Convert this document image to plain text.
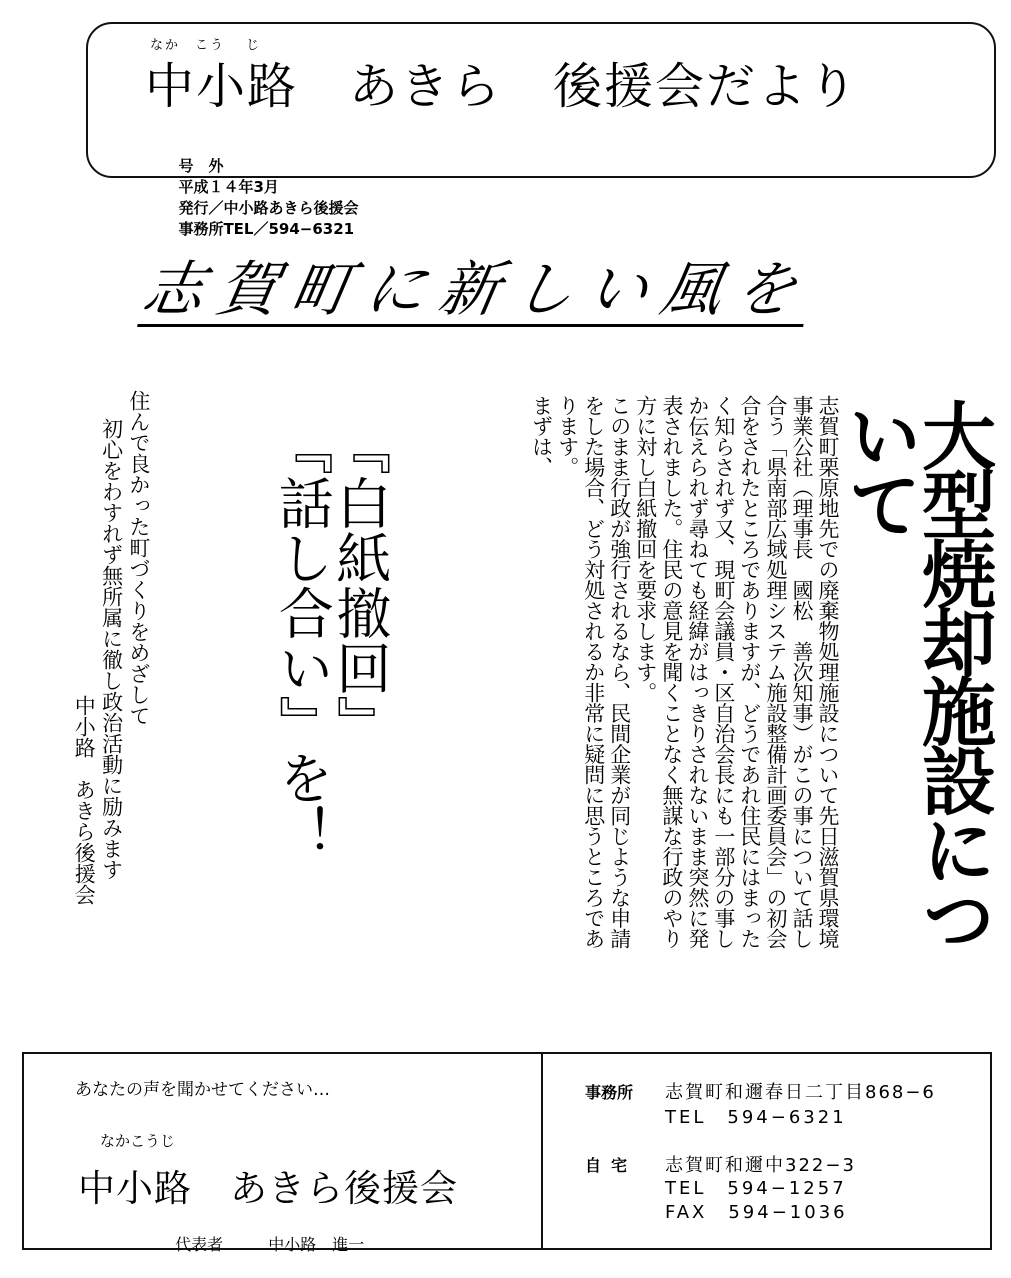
なか　こう　 じ
中小路　あきら　後援会だより

号　外
平成１４年3月
発行／中小路あきら後援会
事務所TEL／594−6321

志賀町に新しい風を
大型焼却施設について

志賀町栗原地先での廃棄物処理施設について先日滋賀県環境事業公社（理事長　國松　善次知事）がこの事について話し合う「県南部広域処理システム施設整備計画委員会」の初会合をされたところでありますが、どうであれ住民にはまったく知らされず又、現町会議員・区自治会長にも一部分の事しか伝えられず尋ねても経緯がはっきりされないまま突然に発表されました。住民の意見を聞くことなく無謀な行政のやり方に対し白紙撤回を要求します。

このまま行政が強行されるなら、民間企業が同じような申請をした場合、どう対処されるか非常に疑問に思うところであります。

まずは、

『白紙撤回』

『話し合い』を！

住んで良かった町づくりをめざして

初心をわすれず無所属に徹し政治活動に励みます

中小路　あきら後援会

あなたの声を聞かせてください…
なかこうじ
中小路　あきら後援会

代表者	中小路　進一

事務所 志賀町和邇春日二丁目868−6
TEL　594−6321
自宅 志賀町和邇中322−3
TEL　594−1257
FAX　594−1036
